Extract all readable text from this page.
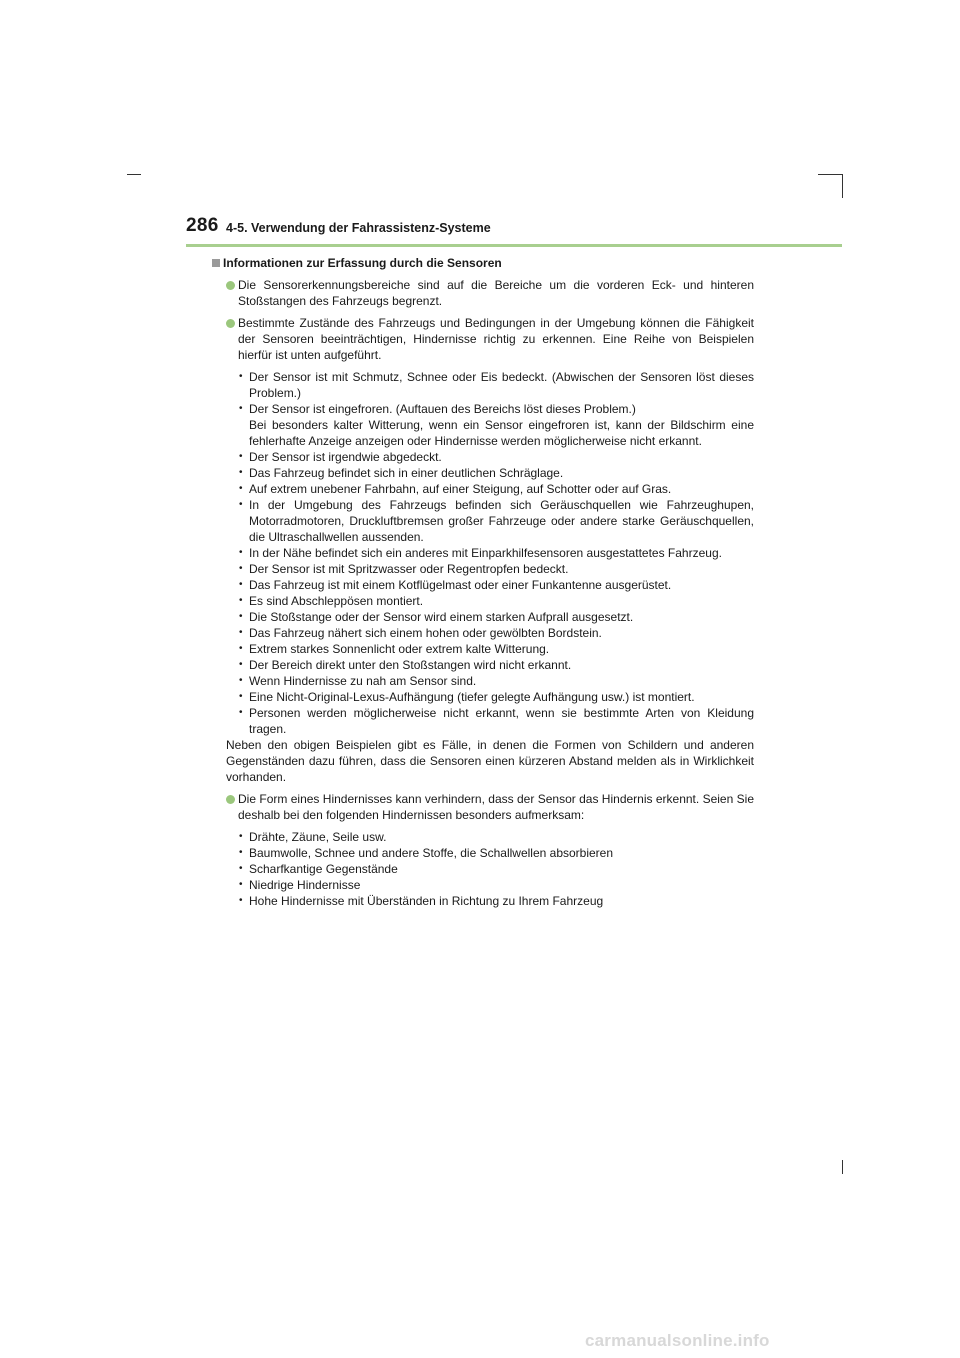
286 4-5. Verwendung der Fahrassistenz-Systeme
Informationen zur Erfassung durch die Sensoren
Die Sensorerkennungsbereiche sind auf die Bereiche um die vorderen Eck- und hinteren Stoßstangen des Fahrzeugs begrenzt.
Bestimmte Zustände des Fahrzeugs und Bedingungen in der Umgebung können die Fähigkeit der Sensoren beeinträchtigen, Hindernisse richtig zu erkennen. Eine Reihe von Beispielen hierfür ist unten aufgeführt.
• Der Sensor ist mit Schmutz, Schnee oder Eis bedeckt. (Abwischen der Sensoren löst dieses Problem.)
• Der Sensor ist eingefroren. (Auftauen des Bereichs löst dieses Problem.)
Bei besonders kalter Witterung, wenn ein Sensor eingefroren ist, kann der Bildschirm eine fehlerhafte Anzeige anzeigen oder Hindernisse werden möglicherweise nicht erkannt.
• Der Sensor ist irgendwie abgedeckt.
• Das Fahrzeug befindet sich in einer deutlichen Schräglage.
• Auf extrem unebener Fahrbahn, auf einer Steigung, auf Schotter oder auf Gras.
• In der Umgebung des Fahrzeugs befinden sich Geräuschquellen wie Fahrzeughupen, Motorradmotoren, Druckluftbremsen großer Fahrzeuge oder andere starke Geräuschquellen, die Ultraschallwellen aussenden.
• In der Nähe befindet sich ein anderes mit Einparkhilfesensoren ausgestattetes Fahrzeug.
• Der Sensor ist mit Spritzwasser oder Regentropfen bedeckt.
• Das Fahrzeug ist mit einem Kotflügelmast oder einer Funkantenne ausgerüstet.
• Es sind Abschleppösen montiert.
• Die Stoßstange oder der Sensor wird einem starken Aufprall ausgesetzt.
• Das Fahrzeug nähert sich einem hohen oder gewölbten Bordstein.
• Extrem starkes Sonnenlicht oder extrem kalte Witterung.
• Der Bereich direkt unter den Stoßstangen wird nicht erkannt.
• Wenn Hindernisse zu nah am Sensor sind.
• Eine Nicht-Original-Lexus-Aufhängung (tiefer gelegte Aufhängung usw.) ist montiert.
• Personen werden möglicherweise nicht erkannt, wenn sie bestimmte Arten von Kleidung tragen.

Neben den obigen Beispielen gibt es Fälle, in denen die Formen von Schildern und anderen Gegenständen dazu führen, dass die Sensoren einen kürzeren Abstand melden als in Wirklichkeit vorhanden.

Die Form eines Hindernisses kann verhindern, dass der Sensor das Hindernis erkennt. Seien Sie deshalb bei den folgenden Hindernissen besonders aufmerksam:
• Drähte, Zäune, Seile usw.
• Baumwolle, Schnee und andere Stoffe, die Schallwellen absorbieren
• Scharfkantige Gegenstände
• Niedrige Hindernisse
• Hohe Hindernisse mit Überständen in Richtung zu Ihrem Fahrzeug
carmanualsonline.info
